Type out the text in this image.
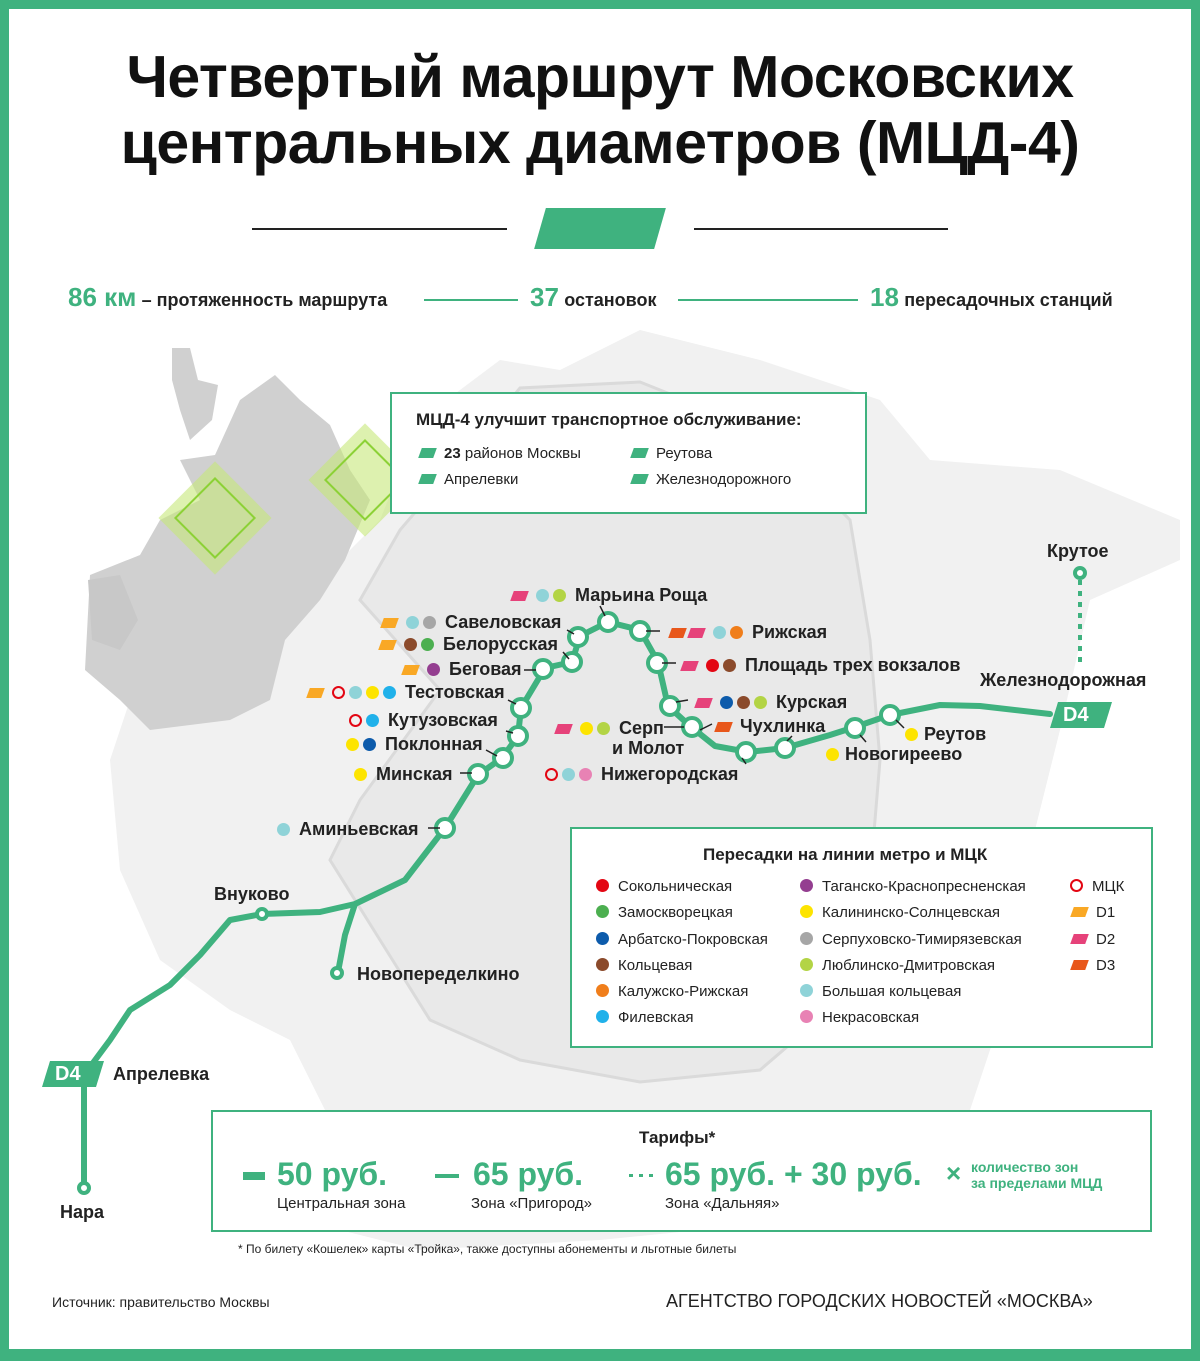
Четвертый маршрут Московских
центральных диаметров (МЦД-4)
86 км – протяженность маршрута	37 остановок	18 пересадочных станций
D4
D4
МЦД-4 улучшит транспортное обслуживание:
23 районов Москвы	Реутова
Апрелевки	Железнодорожного
Марьина Роща
Савеловская
Белорусская
Беговая
Тестовская
Кутузовская
Поклонная
Минская
Аминьевская
Внуково
Новопеределкино
Апрелевка
Нара
Рижская
Площадь трех вокзалов
Курская
Чухлинка
Серп
и Молот
Нижегородская
Новогиреево
Реутов
Железнодорожная
Крутое
Пересадки на линии метро и МЦК
Сокольническая
Замоскворецкая
Арбатско-Покровская
Кольцевая
Калужско-Рижская
Филевская
Таганско-Краснопресненская
Калининско-Солнцевская
Серпуховско-Тимирязевская
Люблинско-Дмитровская
Большая кольцевая
Некрасовская
МЦК
D1
D2
D3
Тарифы*
50 руб.
Центральная зона
65 руб.
Зона «Пригород»
65 руб. + 30 руб. ×
Зона «Дальняя»
количество зон
за пределами МЦД
* По билету «Кошелек» карты «Тройка», также доступны абонементы и льготные билеты
Источник: правительство Москвы	АГЕНТСТВО ГОРОДСКИХ НОВОСТЕЙ «МОСКВА»
